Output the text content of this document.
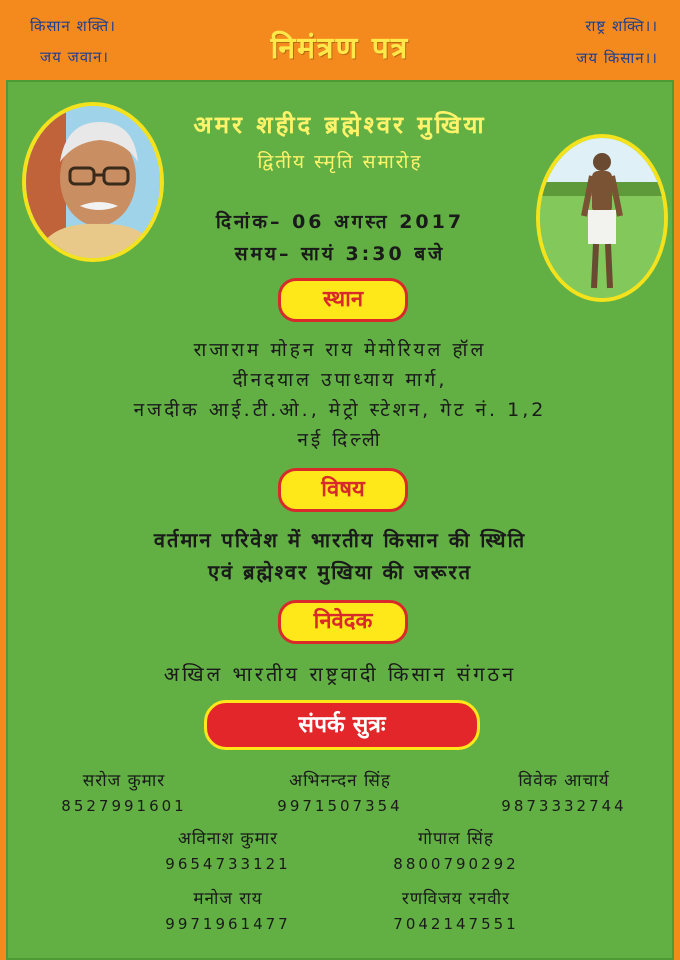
किसान शक्ति।
जय जवान।	निमंत्रण पत्र
राष्ट्र शक्ति।।
जय किसान।।
अमर शहीद ब्रह्मेश्वर मुखिया
द्वितीय स्मृति समारोह
दिनांक– 06 अगस्त 2017
समय– सायं 3:30 बजे
स्थान
राजाराम मोहन राय मेमोरियल हॉल
दीनदयाल उपाध्याय मार्ग,
नजदीक आई.टी.ओ., मेट्रो स्टेशन, गेट नं. 1,2
नई दिल्ली
विषय
वर्तमान परिवेश में भारतीय किसान की स्थिति
एवं ब्रह्मेश्वर मुखिया की जरूरत
निवेदक
अखिल भारतीय राष्ट्रवादी किसान संगठन
संपर्क सुत्रः
सरोज कुमार
8527991601
अभिनन्दन सिंह
9971507354
विवेक आचार्य
9873332744
अविनाश कुमार
9654733121
गोपाल सिंह
8800790292
मनोज राय
9971961477
रणविजय रनवीर
7042147551
